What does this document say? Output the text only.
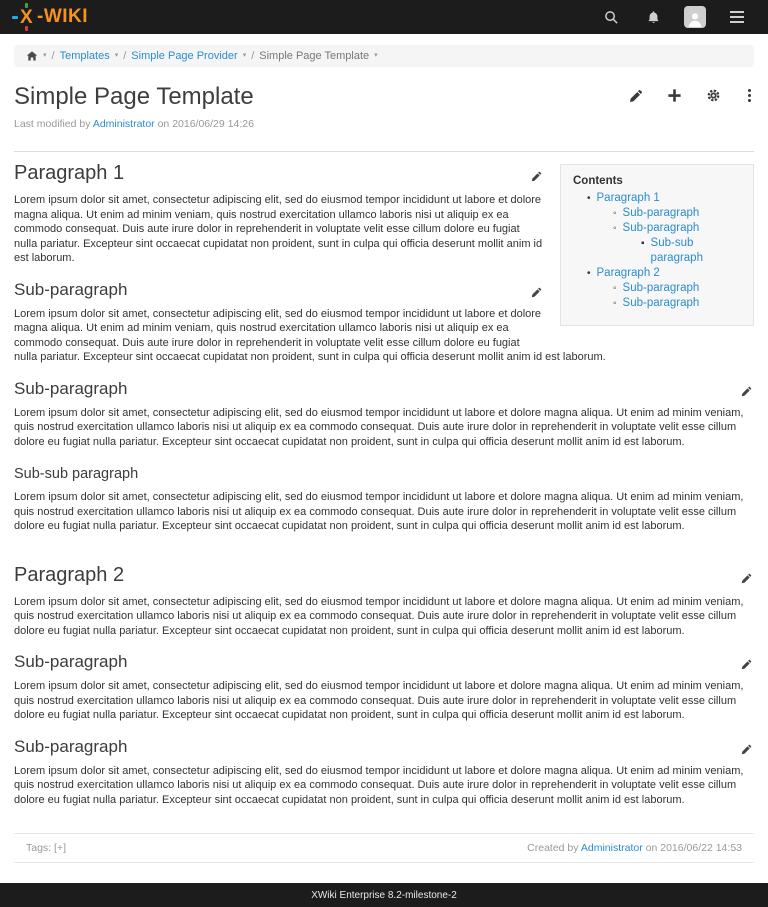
X -WIKI
▾ / Templates ▾ / Simple Page Provider ▾ / Simple Page Template ▾
Simple Page Template

Last modified by Administrator on 2016/06/29 14:26

Contents
• Paragraph 1
◦ Sub-paragraph
◦ Sub-paragraph
▪ Sub-sub paragraph
• Paragraph 2
◦ Sub-paragraph
◦ Sub-paragraph
Paragraph 1

Lorem ipsum dolor sit amet, consectetur adipiscing elit, sed do eiusmod tempor incididunt ut labore et dolore magna aliqua. Ut enim ad minim veniam, quis nostrud exercitation ullamco laboris nisi ut aliquip ex ea commodo consequat. Duis aute irure dolor in reprehenderit in voluptate velit esse cillum dolore eu fugiat nulla pariatur. Excepteur sint occaecat cupidatat non proident, sunt in culpa qui officia deserunt mollit anim id est laborum.

Sub-paragraph

Lorem ipsum dolor sit amet, consectetur adipiscing elit, sed do eiusmod tempor incididunt ut labore et dolore magna aliqua. Ut enim ad minim veniam, quis nostrud exercitation ullamco laboris nisi ut aliquip ex ea commodo consequat. Duis aute irure dolor in reprehenderit in voluptate velit esse cillum dolore eu fugiat nulla pariatur. Excepteur sint occaecat cupidatat non proident, sunt in culpa qui officia deserunt mollit anim id est laborum.

Sub-paragraph

Lorem ipsum dolor sit amet, consectetur adipiscing elit, sed do eiusmod tempor incididunt ut labore et dolore magna aliqua. Ut enim ad minim veniam, quis nostrud exercitation ullamco laboris nisi ut aliquip ex ea commodo consequat. Duis aute irure dolor in reprehenderit in voluptate velit esse cillum dolore eu fugiat nulla pariatur. Excepteur sint occaecat cupidatat non proident, sunt in culpa qui officia deserunt mollit anim id est laborum.

Sub-sub paragraph

Lorem ipsum dolor sit amet, consectetur adipiscing elit, sed do eiusmod tempor incididunt ut labore et dolore magna aliqua. Ut enim ad minim veniam, quis nostrud exercitation ullamco laboris nisi ut aliquip ex ea commodo consequat. Duis aute irure dolor in reprehenderit in voluptate velit esse cillum dolore eu fugiat nulla pariatur. Excepteur sint occaecat cupidatat non proident, sunt in culpa qui officia deserunt mollit anim id est laborum.

Paragraph 2

Lorem ipsum dolor sit amet, consectetur adipiscing elit, sed do eiusmod tempor incididunt ut labore et dolore magna aliqua. Ut enim ad minim veniam, quis nostrud exercitation ullamco laboris nisi ut aliquip ex ea commodo consequat. Duis aute irure dolor in reprehenderit in voluptate velit esse cillum dolore eu fugiat nulla pariatur. Excepteur sint occaecat cupidatat non proident, sunt in culpa qui officia deserunt mollit anim id est laborum.

Sub-paragraph

Lorem ipsum dolor sit amet, consectetur adipiscing elit, sed do eiusmod tempor incididunt ut labore et dolore magna aliqua. Ut enim ad minim veniam, quis nostrud exercitation ullamco laboris nisi ut aliquip ex ea commodo consequat. Duis aute irure dolor in reprehenderit in voluptate velit esse cillum dolore eu fugiat nulla pariatur. Excepteur sint occaecat cupidatat non proident, sunt in culpa qui officia deserunt mollit anim id est laborum.

Sub-paragraph

Lorem ipsum dolor sit amet, consectetur adipiscing elit, sed do eiusmod tempor incididunt ut labore et dolore magna aliqua. Ut enim ad minim veniam, quis nostrud exercitation ullamco laboris nisi ut aliquip ex ea commodo consequat. Duis aute irure dolor in reprehenderit in voluptate velit esse cillum dolore eu fugiat nulla pariatur. Excepteur sint occaecat cupidatat non proident, sunt in culpa qui officia deserunt mollit anim id est laborum.

Tags: [+]	Created by Administrator on 2016/06/22 14:53
XWiki Enterprise 8.2-milestone-2
